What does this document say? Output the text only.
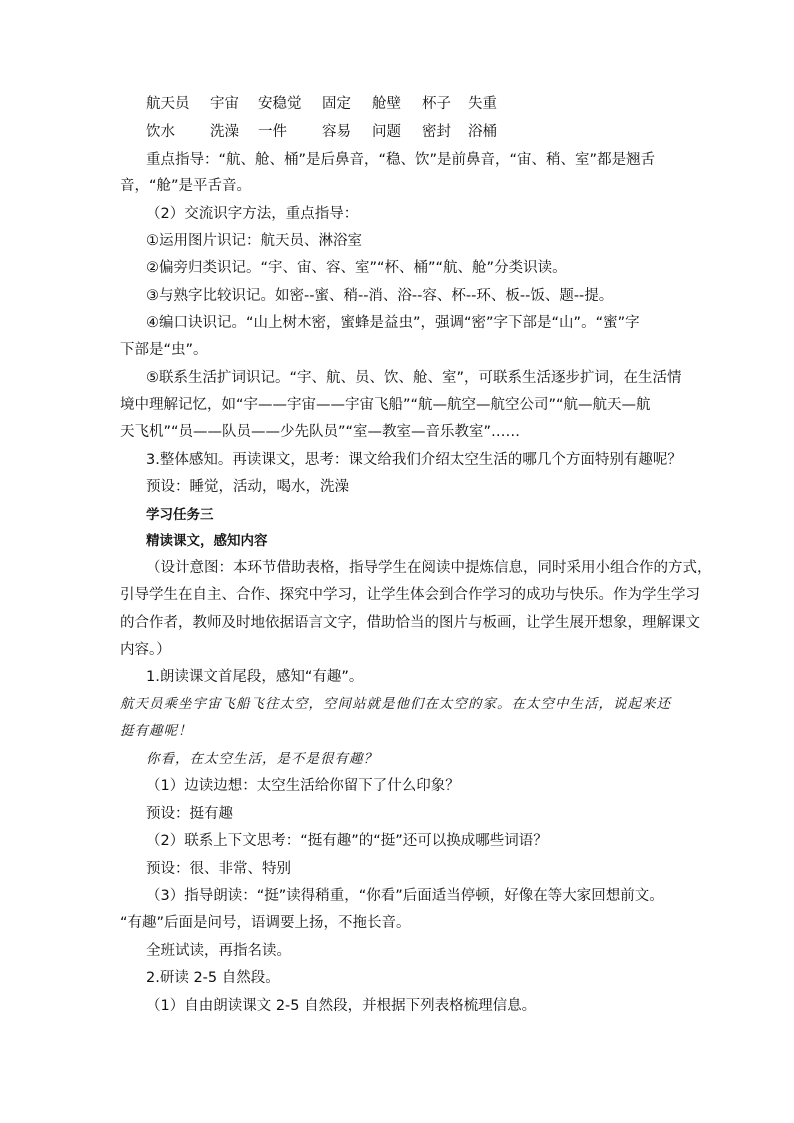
航天员 宇宙 安稳觉 固定 舱壁 杯子 失重
饮水 洗澡 一件 容易 问题 密封 浴桶
重点指导：“航、舱、桶”是后鼻音，“稳、饮”是前鼻音，“宙、稍、室”都是翘舌
音，“舱”是平舌音。
（2）交流识字方法，重点指导：
①运用图片识记：航天员、淋浴室
②偏旁归类识记。“宇、宙、容、室”“杯、桶”“航、舱”分类识读。
③与熟字比较识记。如密--蜜、稍--消、浴--容、杯--环、板--饭、题--提。
④编口诀识记。“山上树木密，蜜蜂是益虫”，强调“密”字下部是“山”。“蜜”字
下部是“虫”。
⑤联系生活扩词识记。“宇、航、员、饮、舱、室”，可联系生活逐步扩词，在生活情
境中理解记忆，如“宇——宇宙——宇宙飞船”“航—航空—航空公司”“航—航天—航
天飞机”“员——队员——少先队员”“室—教室—音乐教室”……
3.整体感知。再读课文，思考：课文给我们介绍太空生活的哪几个方面特别有趣呢？
预设：睡觉，活动，喝水，洗澡
学习任务三
精读课文，感知内容
（设计意图：本环节借助表格，指导学生在阅读中提炼信息，同时采用小组合作的方式，
引导学生在自主、合作、探究中学习，让学生体会到合作学习的成功与快乐。作为学生学习
的合作者，教师及时地依据语言文字，借助恰当的图片与板画，让学生展开想象，理解课文
内容。）
1.朗读课文首尾段，感知“有趣”。
航天员乘坐宇宙飞船飞往太空，空间站就是他们在太空的家。在太空中生活，说起来还
挺有趣呢！
你看，在太空生活，是不是很有趣？
（1）边读边想：太空生活给你留下了什么印象？
预设：挺有趣
（2）联系上下文思考：“挺有趣”的“挺”还可以换成哪些词语？
预设：很、非常、特别
（3）指导朗读：“挺”读得稍重，“你看”后面适当停顿，好像在等大家回想前文。
“有趣”后面是问号，语调要上扬，不拖长音。
全班试读，再指名读。
2.研读 2-5 自然段。
（1）自由朗读课文 2-5 自然段，并根据下列表格梳理信息。
